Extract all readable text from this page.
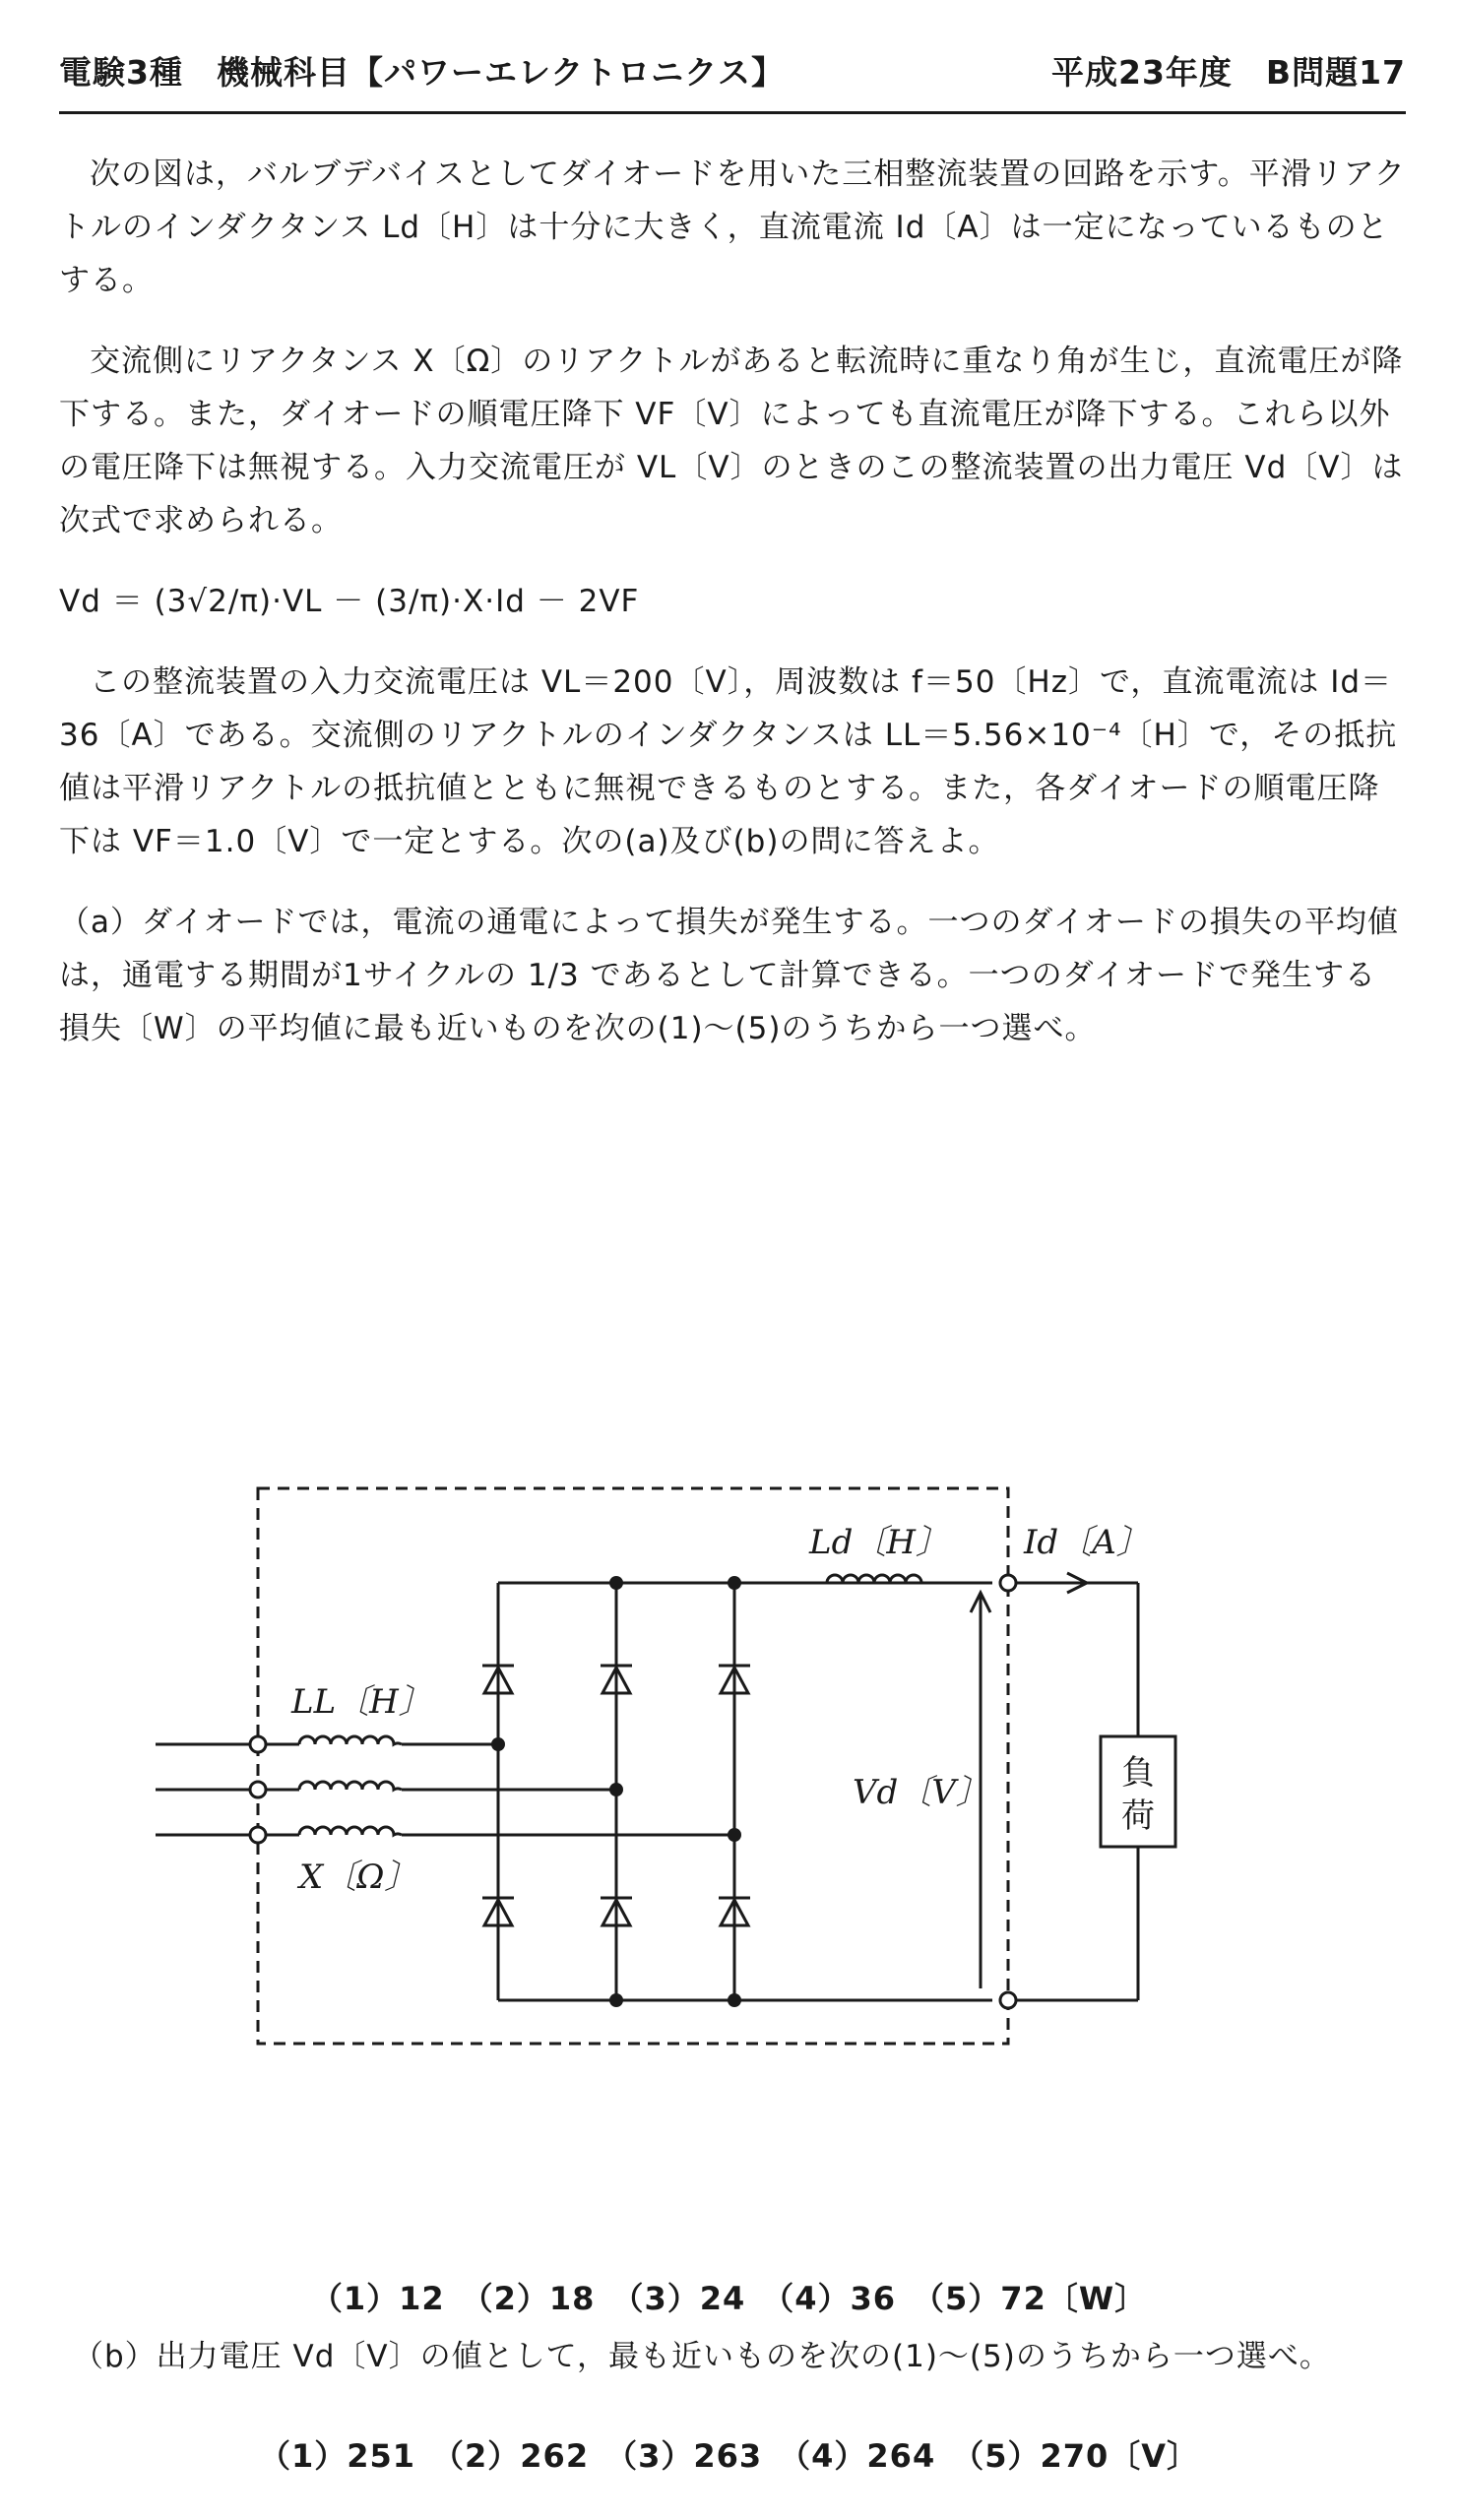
電験3種　機械科目【パワーエレクトロニクス】	平成23年度　B問題17

次の図は，バルブデバイスとしてダイオードを用いた三相整流装置の回路を示す。平滑リアクトルのインダクタンス Ld〔H〕は十分に大きく，直流電流 Id〔A〕は一定になっているものとする。

交流側にリアクタンス X〔Ω〕のリアクトルがあると転流時に重なり角が生じ，直流電圧が降下する。また，ダイオードの順電圧降下 VF〔V〕によっても直流電圧が降下する。これら以外の電圧降下は無視する。入力交流電圧が VL〔V〕のときのこの整流装置の出力電圧 Vd〔V〕は次式で求められる。

Vd ＝ (3√2/π)·VL － (3/π)·X·Id － 2VF

この整流装置の入力交流電圧は VL＝200〔V〕，周波数は f＝50〔Hz〕で，直流電流は Id＝36〔A〕である。交流側のリアクトルのインダクタンスは LL＝5.56×10⁻⁴〔H〕で，その抵抗値は平滑リアクトルの抵抗値とともに無視できるものとする。また，各ダイオードの順電圧降下は VF＝1.0〔V〕で一定とする。次の(a)及び(b)の問に答えよ。

（a）ダイオードでは，電流の通電によって損失が発生する。一つのダイオードの損失の平均値は，通電する期間が1サイクルの 1/3 であるとして計算できる。一つのダイオードで発生する損失〔W〕の平均値に最も近いものを次の(1)～(5)のうちから一つ選べ。

Ld〔H〕 Id〔A〕
LL〔H〕
X〔Ω〕
Vd〔V〕	負
荷
（1）12　（2）18　（3）24　（4）36　（5）72〔W〕
（b）出力電圧 Vd〔V〕の値として，最も近いものを次の(1)～(5)のうちから一つ選べ。
（1）251　（2）262　（3）263　（4）264　（5）270〔V〕
